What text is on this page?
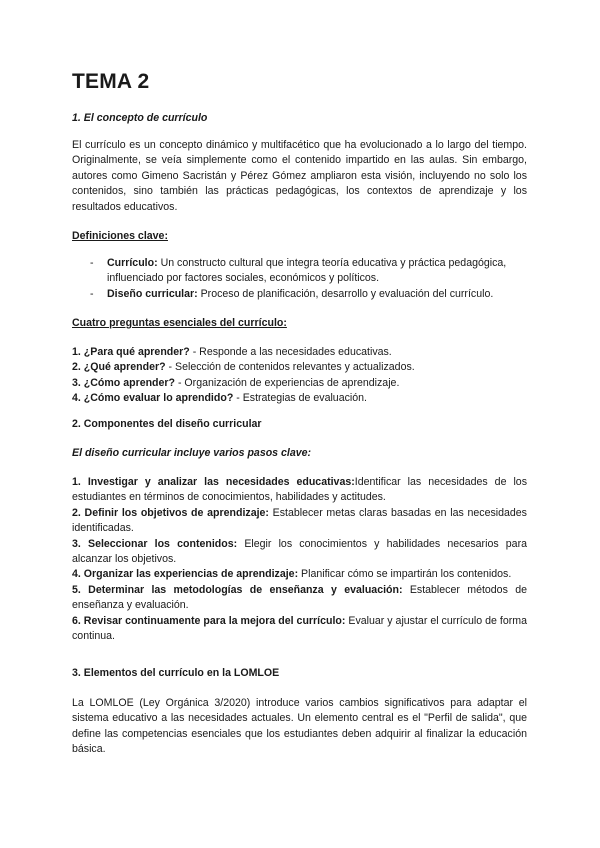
TEMA 2
1. El concepto de currículo
El currículo es un concepto dinámico y multifacético que ha evolucionado a lo largo del tiempo. Originalmente, se veía simplemente como el contenido impartido en las aulas. Sin embargo, autores como Gimeno Sacristán y Pérez Gómez ampliaron esta visión, incluyendo no solo los contenidos, sino también las prácticas pedagógicas, los contextos de aprendizaje y los resultados educativos.
Definiciones clave:
- Currículo: Un constructo cultural que integra teoría educativa y práctica pedagógica, influenciado por factores sociales, económicos y políticos.
- Diseño curricular: Proceso de planificación, desarrollo y evaluación del currículo.
Cuatro preguntas esenciales del currículo:
1. ¿Para qué aprender? - Responde a las necesidades educativas.
2. ¿Qué aprender? - Selección de contenidos relevantes y actualizados.
3. ¿Cómo aprender? - Organización de experiencias de aprendizaje.
4. ¿Cómo evaluar lo aprendido? - Estrategias de evaluación.
2. Componentes del diseño curricular
El diseño curricular incluye varios pasos clave:
1. Investigar y analizar las necesidades educativas:Identificar las necesidades de los estudiantes en términos de conocimientos, habilidades y actitudes.
2. Definir los objetivos de aprendizaje: Establecer metas claras basadas en las necesidades identificadas.
3. Seleccionar los contenidos: Elegir los conocimientos y habilidades necesarios para alcanzar los objetivos.
4. Organizar las experiencias de aprendizaje: Planificar cómo se impartirán los contenidos.
5. Determinar las metodologías de enseñanza y evaluación: Establecer métodos de enseñanza y evaluación.
6. Revisar continuamente para la mejora del currículo: Evaluar y ajustar el currículo de forma continua.
3. Elementos del currículo en la LOMLOE
La LOMLOE (Ley Orgánica 3/2020) introduce varios cambios significativos para adaptar el sistema educativo a las necesidades actuales. Un elemento central es el "Perfil de salida", que define las competencias esenciales que los estudiantes deben adquirir al finalizar la educación básica.
